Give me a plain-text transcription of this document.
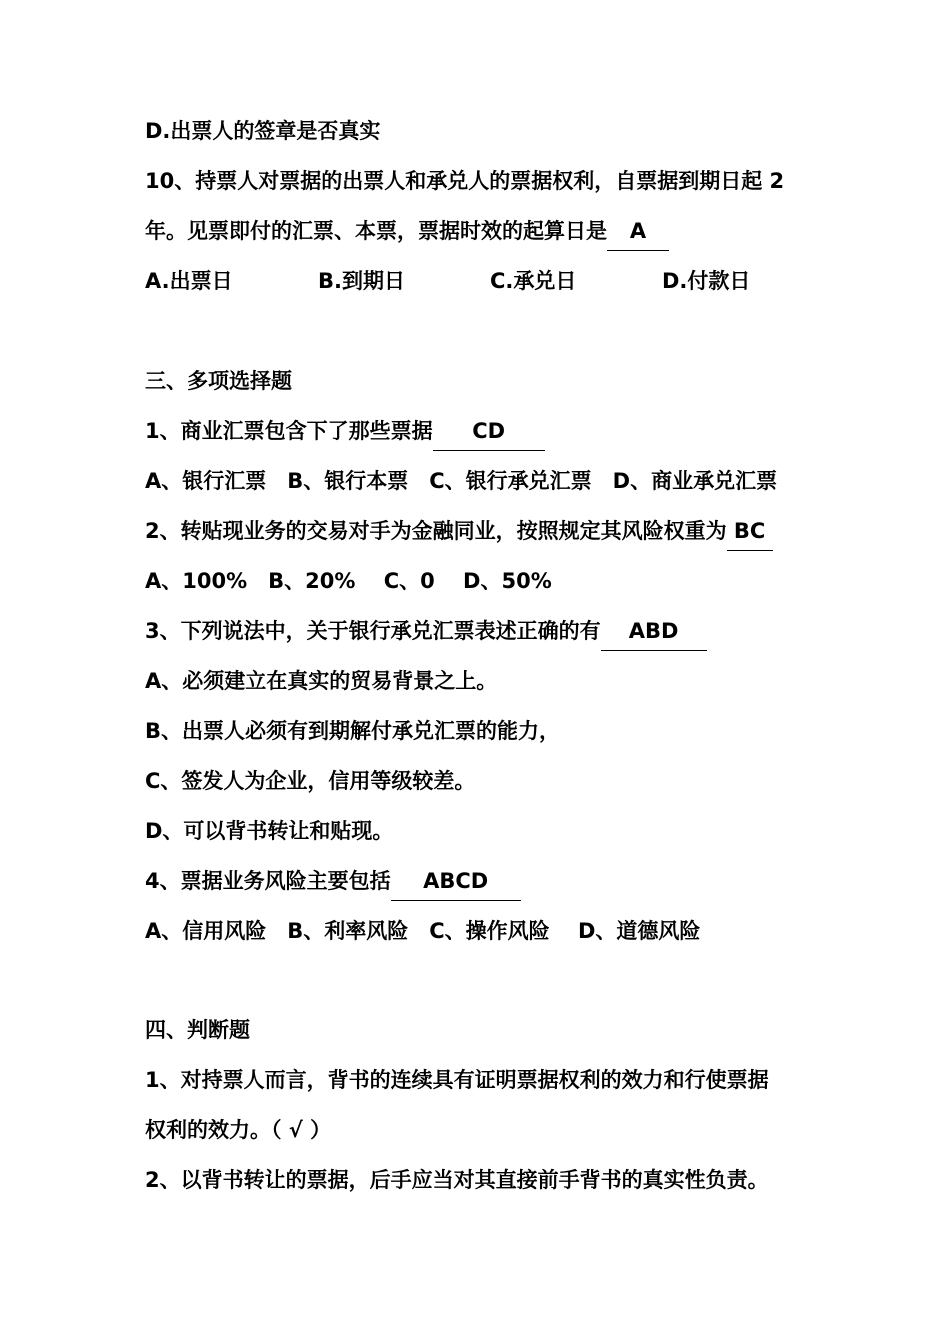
D.出票人的签章是否真实
10、持票人对票据的出票人和承兑人的票据权利，自票据到期日起 2
年。见票即付的汇票、本票，票据时效的起算日是 A
A.出票日	B.到期日	C.承兑日	D.付款日
三、多项选择题
1、商业汇票包含下了那些票据 CD
A、银行汇票　B、银行本票　C、银行承兑汇票　D、商业承兑汇票
2、转贴现业务的交易对手为金融同业，按照规定其风险权重为 BC
A、100%　B、20%　 C、0　 D、50%
3、下列说法中，关于银行承兑汇票表述正确的有 ABD
A、必须建立在真实的贸易背景之上。
B、出票人必须有到期解付承兑汇票的能力，
C、签发人为企业，信用等级较差。
D、可以背书转让和贴现。
4、票据业务风险主要包括 ABCD
A、信用风险　B、利率风险　C、操作风险　 D、道德风险
四、判断题
1、对持票人而言，背书的连续具有证明票据权利的效力和行使票据
权利的效力。（ √ ）
2、以背书转让的票据，后手应当对其直接前手背书的真实性负责。
